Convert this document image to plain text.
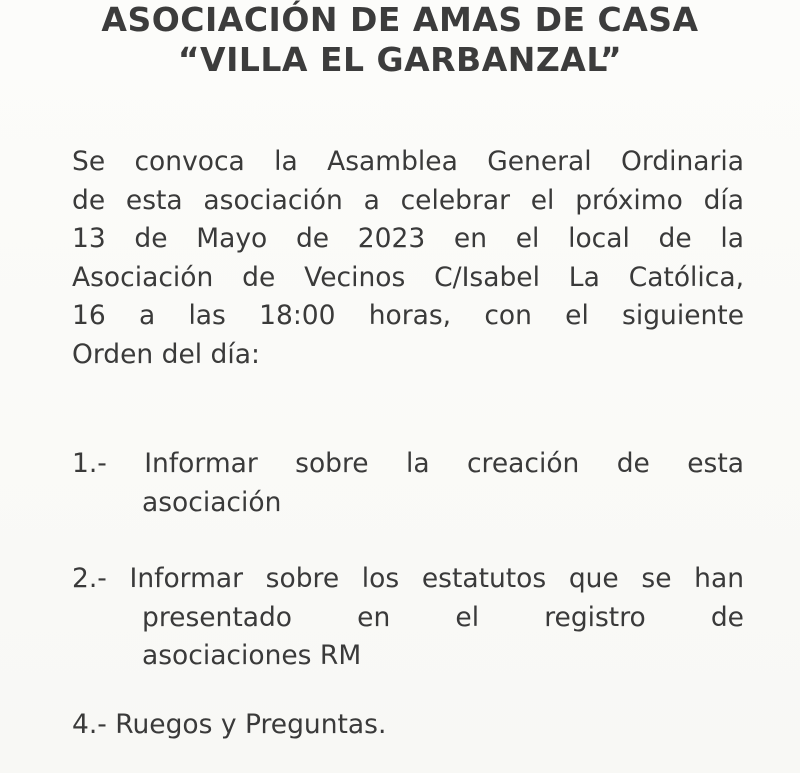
ASOCIACIÓN DE AMAS DE CASA
“VILLA EL GARBANZAL”

Se convoca la Asamblea General Ordinaria
de esta asociación a celebrar el próximo día
13 de Mayo de 2023 en el local de la
Asociación de Vecinos C/Isabel La Católica,
16 a las 18:00 horas, con el siguiente
Orden del día:

1.- Informar sobre la creación de esta
asociación
2.- Informar sobre los estatutos que se han
presentado en el registro de
asociaciones RM
4.- Ruegos y Preguntas.
